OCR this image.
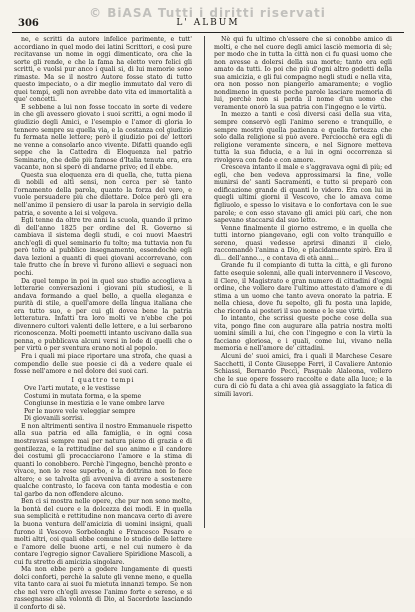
© BiASA Tutti i diritti riservati
306	L' ALBUM

ne, e scritti da autore infelice parimente, e tutt' accordiano in quel modo dei latini Scrittori, e così pure recitavanse un nome in oggi dimenticato, ora che la sorte gli rende, e che la fama ha eletto vero felici gli scritti, e vuolsi pur anco i quali si, di lui memorie sono rimaste. Ma se il nostro Autore fosse stato di tutto questo impeciato, o a dir meglio immutato dal vero di quei tempi, egli non avrebbe dato vita ed immortalità a que' concetti.

E sebbene a lui non fosse toccato in sorte di vedere in che gli avessero giovato i suoi scritti, a ogni modo il giudizio degli Amici, e l'esempio e l'amor di gloria lo tennero sempre su quella via, e la costanza col giudizio fu fermata nelle lettere; però il giudizio poi de' lettori ne venne a consolarlo anco vivente. Difatti quando egli seppe che la Cattedra di Eloquenza nel patrio Seminario, che delle più famose d'Italia tenuta era, era vacante, non si sperò di andarne privo; ed il ebbe.

Questa sua eloquenza era di quella, che, tutta piena di nobili ed alti sensi, non cerca per sè tanto l'ornamento della parola, quanto la forza del vero, e vuole persuadere più che dilettare. Dolce però gli era nell'animo il pensiero di usar la parola in servigio della patria, e sovente a lei si volgeva.

Egli tenne da oltre tre anni la scuola, quando il primo dì dell'anno 1825 per ordine del R. Governo si cambiava il sistema degli studi, e coi nuovi Maestri anch'egli di quel seminario fu tolto; ma tuttavia non fu però tolto al pubblico insegnamento, essendochè egli dava lezioni a quanti di quei giovani accorrevano, con tale frutto che in breve vi furono allievi e seguaci non pochi.

Da quel tempo in poi in quel suo studio accoglieva a letterarie conversazioni i giovani più studiosi, e li andava formando a quel bello, a quella eleganza e purità di stile, a quell'amore della lingua italiana che era tutto suo, e per cui gli dovea bene la patria letteratura. Infatti tra loro molti ve n'ebbe che poi divennero cultori valenti delle lettere, e a lui serbarono riconoscenza. Molti poemetti intanto uscivano dalla sua penna, e pubblicava alcuni versi in lode di quelli che o per virtù o per sventura erano noti al popolo.

Fra i quali mi piace riportare una strofa, che quasi a compendio delle sue poesie ci dà a vedere quale ei fosse nell'amore e nel dolore dei suoi cari.

I quattro tempi

Ove l'arti mutate, e le vestisse

Costumi in mutata forma, e la speme

Congiunse in mestizia e le vane ombre larve

Per le nuove vele veleggiar sempre

Di giovanili sorrisi.

E non altrimenti sentiva il nostro Emmanuele rispetto alla sua patria ed alla famiglia, e in ogni cosa mostravasi sempre mai per natura pieno di grazia e di gentilezza, e la rettitudine del suo animo e il candore dei costumi gli procacciarono l'amore e la stima di quanti lo conobbero. Perchè l'ingegno, benchè pronto e vivace, non lo rese superbo, e la dottrina non lo fece altero; e se talvolta gli avveniva di avere a sostenere qualche contrasto, lo faceva con tanta modestia e con tal garbo da non offendere alcuno.

Ben ci si mostra nelle opere, che pur non sono molte, la bontà del cuore e la dolcezza dei modi. E in quella sua semplicità e rettitudine non mancava certo di avere la buona ventura dell'amicizia di uomini insigni, quali furono il Vescovo Sorbolonghi e Francesco Pesaro e molti altri, coi quali ebbe comune lo studio delle lettere e l'amore delle buone arti, e nel cui numero è da contare l'egregio signor Cavaliere Spiridione Mascoli, a cui fu stretto di amicizia singolare.

Ma non ebbe però a godere lungamente di questi dolci conforti, perchè la salute gli venne meno, e quella vita tanto cara ai suoi fu mietuta innanzi tempo. Se non che nel vero ch'egli avesse l'animo forte e sereno, e si rassegnasse alla volontà di Dio, al Sacerdote lasciando il conforto di sè.

Nè qui fu ultimo ch'essere che si conobbe amico di molti, e che nel cuore degli amici lasciò memoria di sè; per modo che in tutta la città non ci fu quasi uomo che non avesse a dolersi della sua morte; tanto era egli amato da tutti. Io poi che più d'ogni altro godetti della sua amicizia, e gli fui compagno negli studi e nella vita, ora non posso non piangerlo amaramente; e voglio nondimeno in queste poche parole lasciare memoria di lui, perchè non si perda il nome d'un uomo che veramente onorò la sua patria con l'ingegno e le virtù.

In mezzo a tanti e così diversi casi della sua vita, sempre conservò egli l'animo sereno e tranquillo, e sempre mostrò quella pazienza e quella fortezza che solo dalla religione si può avere. Perciocchè era egli di religione veramente sincera, e nel Signore metteva tutta la sua fiducia, e a lui in ogni occorrenza si rivolgeva con fede e con amore.

Cresceva intanto il male e s'aggravava ogni dì più; ed egli, che ben vedeva approssimarsi la fine, volle munirsi de' santi Sacramenti, e tutto si preparò con edificazione grande di quanti lo videro. Era con lui in quegli ultimi giorni il Vescovo, che lo amava come figliuolo, e spesso lo visitava e lo confortava con le sue parole; e con esso stavano gli amici più cari, che non sapevano staccarsi dal suo letto.

Venne finalmente il giorno estremo, e in quella che tutti intorno piangevano, egli con volto tranquillo e sereno, quasi vedesse aprirsi dinanzi il cielo, raccomandò l'anima a Dio, e placidamente spirò. Era il dì... dell'anno..., e contava di età anni...

Grande fu il compianto di tutta la città, e gli furono fatte esequie solenni, alle quali intervennero il Vescovo, il Clero, il Magistrato e gran numero di cittadini d'ogni ordine, che vollero dare l'ultimo attestato d'amore e di stima a un uomo che tanto aveva onorato la patria. E nella chiesa, dove fu sepolto, gli fu posta una lapide, che ricorda ai posteri il suo nome e le sue virtù.

Io intanto, che scrissi queste poche cose della sua vita, pongo fine con augurare alla patria nostra molti uomini simili a lui, che con l'ingegno e con la virtù la facciano gloriosa, e i quali, come lui, vivano nella memoria e nell'amore de' cittadini.

Alcuni de' suoi amici, fra i quali il Marchese Cesare Sacchetti, il Conte Giuseppe Ferri, il Cavaliere Antonio Schiassi, Bernardo Pecci, Pasquale Alaleona, vollero che le sue opere fossero raccolte e date alla luce; e la cura di ciò fu data a chi avea già assaggiato la fatica di simili lavori.
